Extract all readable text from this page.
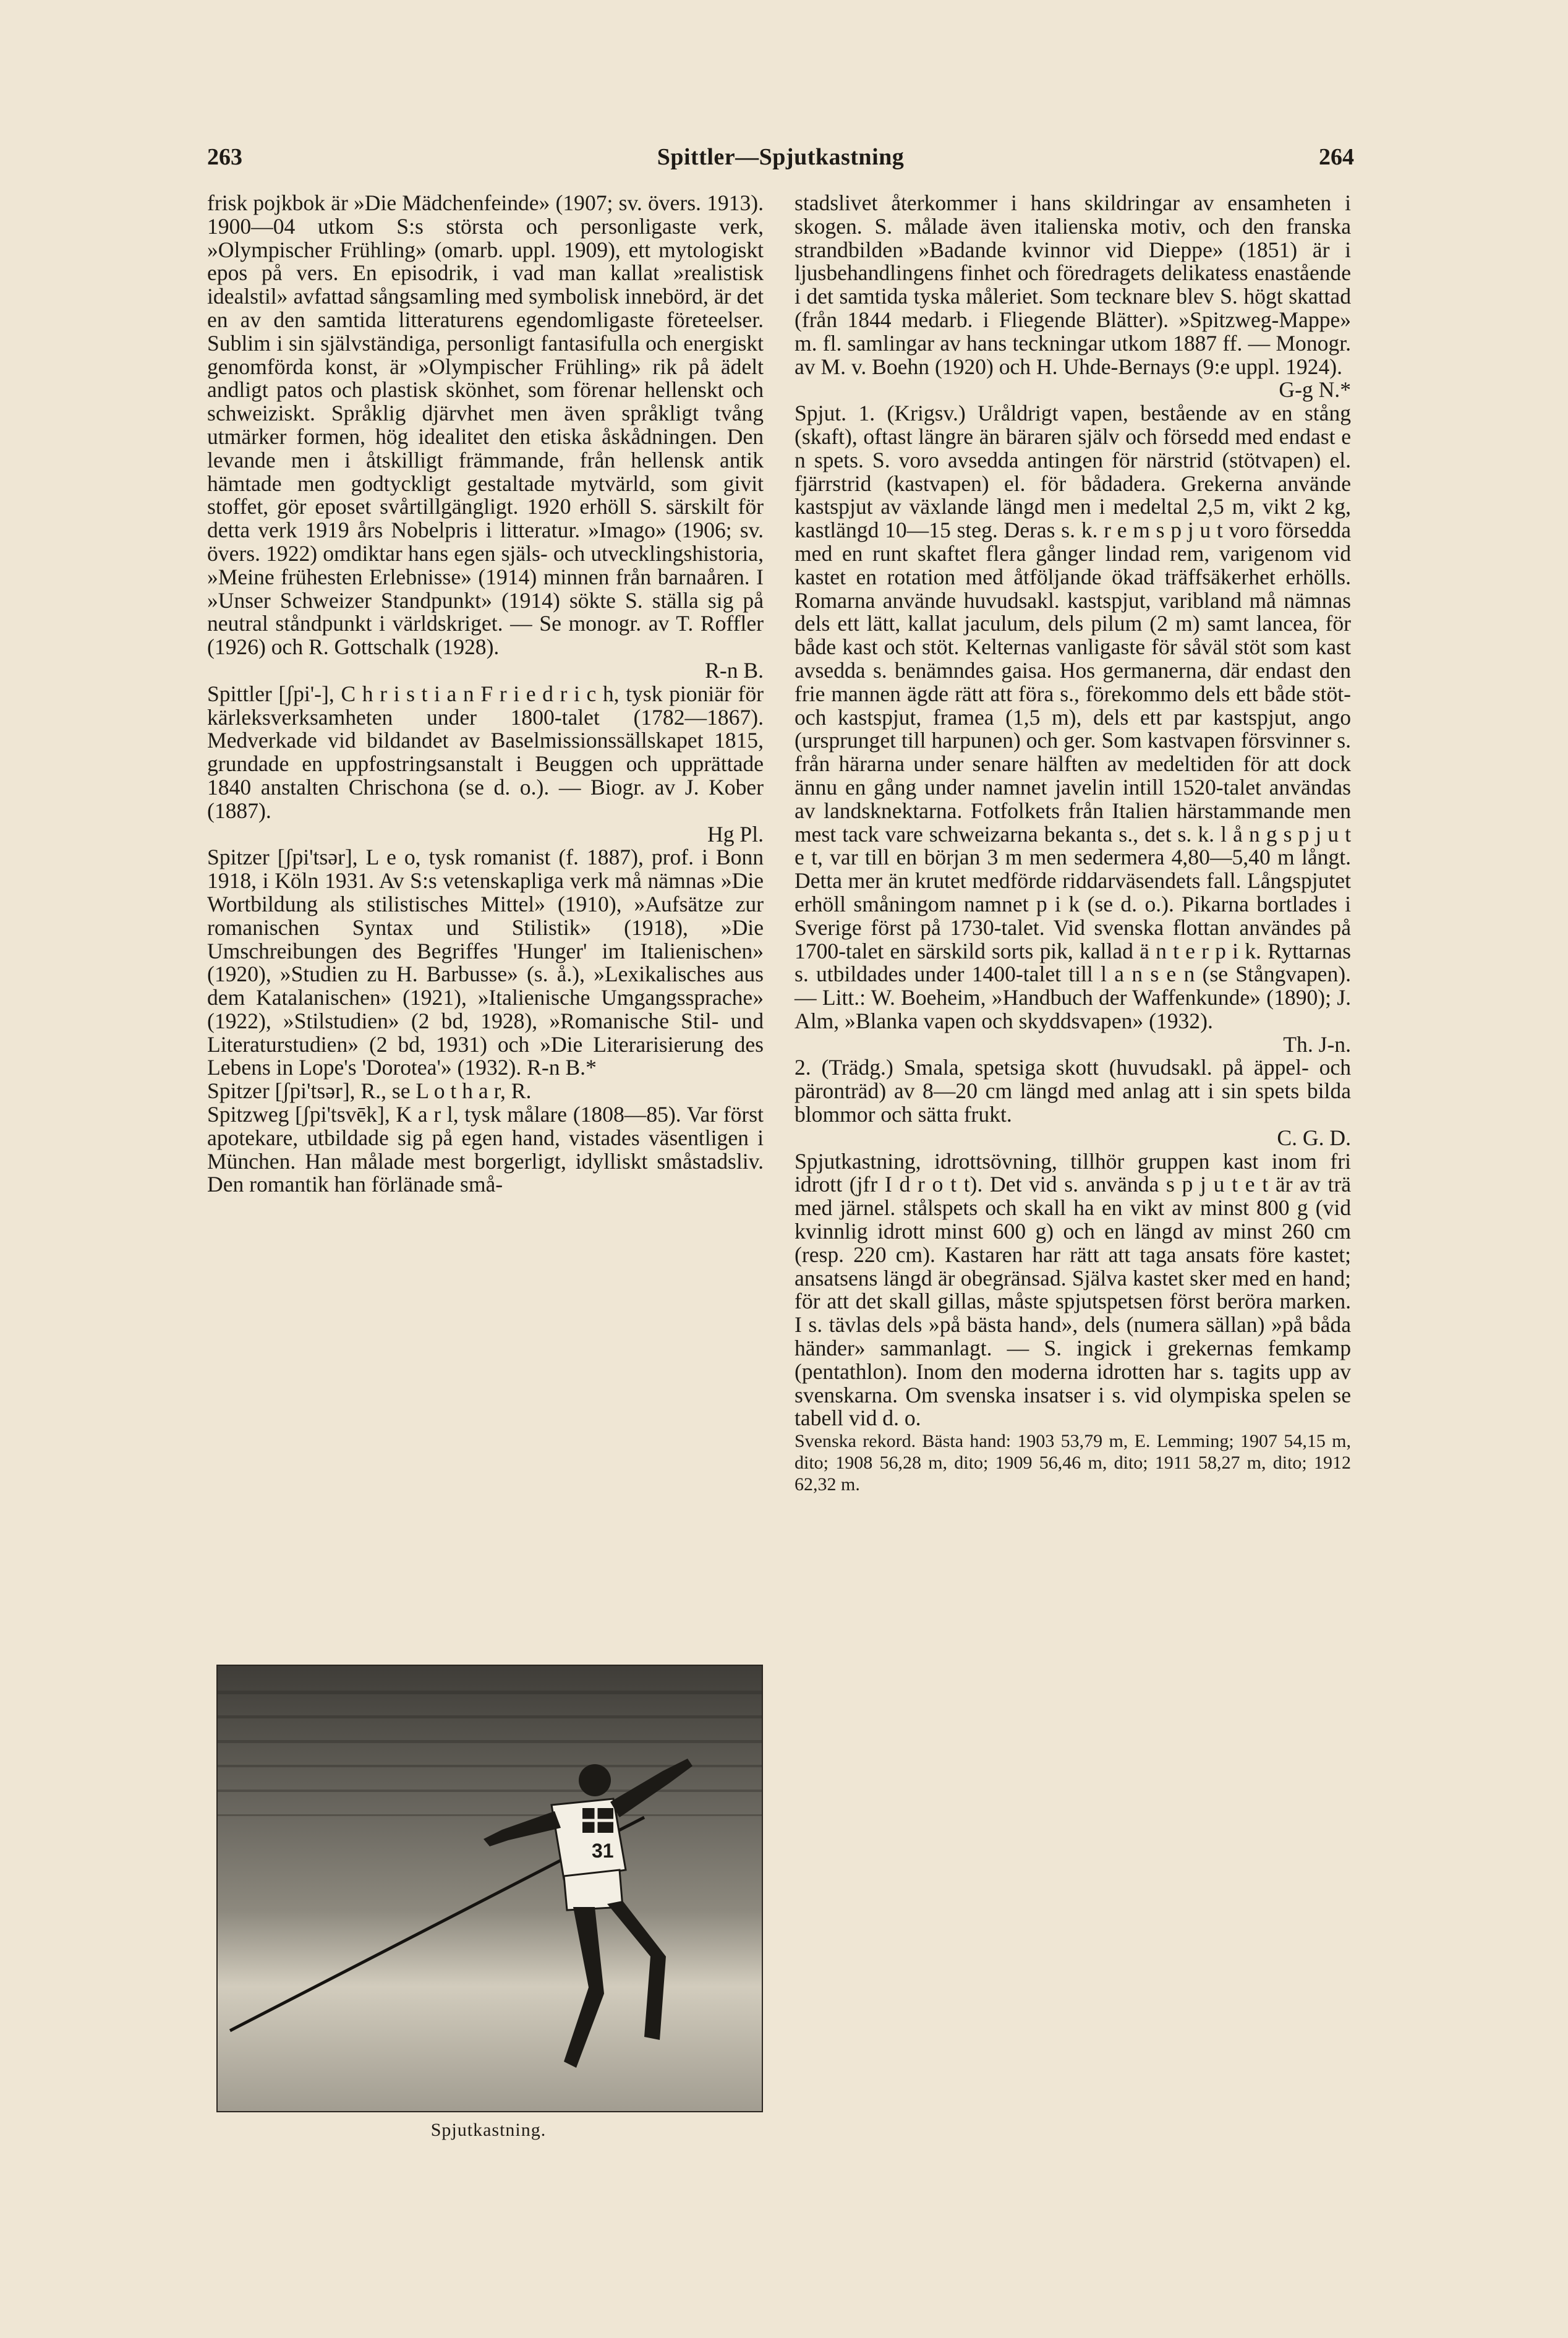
263	Spittler—Spjutkastning	264

frisk pojkbok är »Die Mädchenfeinde» (1907; sv. övers. 1913). 1900—04 utkom S:s största och personligaste verk, »Olympischer Frühling» (omarb. uppl. 1909), ett mytologiskt epos på vers. En episodrik, i vad man kallat »realistisk idealstil» avfattad sångsamling med symbolisk innebörd, är det en av den samtida litteraturens egendomligaste företeelser. Sublim i sin självständiga, personligt fantasifulla och energiskt genomförda konst, är »Olympischer Frühling» rik på ädelt andligt patos och plastisk skönhet, som förenar hellenskt och schweiziskt. Språklig djärvhet men även språkligt tvång utmärker formen, hög idealitet den etiska åskådningen. Den levande men i åtskilligt främmande, från hellensk antik hämtade men godtyckligt gestaltade mytvärld, som givit stoffet, gör eposet svårtillgängligt. 1920 erhöll S. särskilt för detta verk 1919 års Nobelpris i litteratur. »Imago» (1906; sv. övers. 1922) omdiktar hans egen själs- och utvecklingshistoria, »Meine frühesten Erlebnisse» (1914) minnen från barnaåren. I »Unser Schweizer Standpunkt» (1914) sökte S. ställa sig på neutral ståndpunkt i världskriget. — Se monogr. av T. Roffler (1926) och R. Gottschalk (1928).

R-n B.

Spittler [ʃpi'-], C h r i s t i a n F r i e d r i c h, tysk pioniär för kärleksverksamheten under 1800-talet (1782—1867). Medverkade vid bildandet av Baselmissionssällskapet 1815, grundade en uppfostringsanstalt i Beuggen och upprättade 1840 anstalten Chrischona (se d. o.). — Biogr. av J. Kober (1887).

Hg Pl.

Spitzer [ʃpi'tsər], L e o, tysk romanist (f. 1887), prof. i Bonn 1918, i Köln 1931. Av S:s vetenskapliga verk må nämnas »Die Wortbildung als stilistisches Mittel» (1910), »Aufsätze zur romanischen Syntax und Stilistik» (1918), »Die Umschreibungen des Begriffes 'Hunger' im Italienischen» (1920), »Studien zu H. Barbusse» (s. å.), »Lexikalisches aus dem Katalanischen» (1921), »Italienische Umgangssprache» (1922), »Stilstudien» (2 bd, 1928), »Romanische Stil- und Literaturstudien» (2 bd, 1931) och »Die Literarisierung des Lebens in Lope's 'Dorotea'» (1932). R-n B.*

Spitzer [ʃpi'tsər], R., se L o t h a r, R.

Spitzweg [ʃpi'tsvēk], K a r l, tysk målare (1808—85). Var först apotekare, utbildade sig på egen hand, vistades väsentligen i München. Han målade mest borgerligt, idylliskt småstadsliv. Den romantik han förlänade små-

31
Spjutkastning.

stadslivet återkommer i hans skildringar av ensamheten i skogen. S. målade även italienska motiv, och den franska strandbilden »Badande kvinnor vid Dieppe» (1851) är i ljusbehandlingens finhet och föredragets delikatess enastående i det samtida tyska måleriet. Som tecknare blev S. högt skattad (från 1844 medarb. i Fliegende Blätter). »Spitzweg-Mappe» m. fl. samlingar av hans teckningar utkom 1887 ff. — Monogr. av M. v. Boehn (1920) och H. Uhde-Bernays (9:e uppl. 1924).

G-g N.*

Spjut. 1. (Krigsv.) Uråldrigt vapen, bestående av en stång (skaft), oftast längre än bäraren själv och försedd med endast e n spets. S. voro avsedda antingen för närstrid (stötvapen) el. fjärrstrid (kastvapen) el. för bådadera. Grekerna använde kastspjut av växlande längd men i medeltal 2,5 m, vikt 2 kg, kastlängd 10—15 steg. Deras s. k. r e m s p j u t voro försedda med en runt skaftet flera gånger lindad rem, varigenom vid kastet en rotation med åtföljande ökad träffsäkerhet erhölls. Romarna använde huvudsakl. kastspjut, varibland må nämnas dels ett lätt, kallat jaculum, dels pilum (2 m) samt lancea, för både kast och stöt. Kelternas vanligaste för såväl stöt som kast avsedda s. benämndes gaisa. Hos germanerna, där endast den frie mannen ägde rätt att föra s., förekommo dels ett både stöt- och kastspjut, framea (1,5 m), dels ett par kastspjut, ango (ursprunget till harpunen) och ger. Som kastvapen försvinner s. från härarna under senare hälften av medeltiden för att dock ännu en gång under namnet javelin intill 1520-talet användas av landsknektarna. Fotfolkets från Italien härstammande men mest tack vare schweizarna bekanta s., det s. k. l å n g s p j u t e t, var till en början 3 m men sedermera 4,80—5,40 m långt. Detta mer än krutet medförde riddarväsendets fall. Långspjutet erhöll småningom namnet p i k (se d. o.). Pikarna bortlades i Sverige först på 1730-talet. Vid svenska flottan användes på 1700-talet en särskild sorts pik, kallad ä n t e r p i k. Ryttarnas s. utbildades under 1400-talet till l a n s e n (se Stångvapen). — Litt.: W. Boeheim, »Handbuch der Waffenkunde» (1890); J. Alm, »Blanka vapen och skyddsvapen» (1932).

Th. J-n.

2. (Trädg.) Smala, spetsiga skott (huvudsakl. på äppel- och päronträd) av 8—20 cm längd med anlag att i sin spets bilda blommor och sätta frukt.

C. G. D.

Spjutkastning, idrottsövning, tillhör gruppen kast inom fri idrott (jfr I d r o t t). Det vid s. använda s p j u t e t är av trä med järnel. stålspets och skall ha en vikt av minst 800 g (vid kvinnlig idrott minst 600 g) och en längd av minst 260 cm (resp. 220 cm). Kastaren har rätt att taga ansats före kastet; ansatsens längd är obegränsad. Själva kastet sker med en hand; för att det skall gillas, måste spjutspetsen först beröra marken. I s. tävlas dels »på bästa hand», dels (numera sällan) »på båda händer» sammanlagt. — S. ingick i grekernas femkamp (pentathlon). Inom den moderna idrotten har s. tagits upp av svenskarna. Om svenska insatser i s. vid olympiska spelen se tabell vid d. o.

Svenska rekord. Bästa hand: 1903 53,79 m, E. Lemming; 1907 54,15 m, dito; 1908 56,28 m, dito; 1909 56,46 m, dito; 1911 58,27 m, dito; 1912 62,32 m.
